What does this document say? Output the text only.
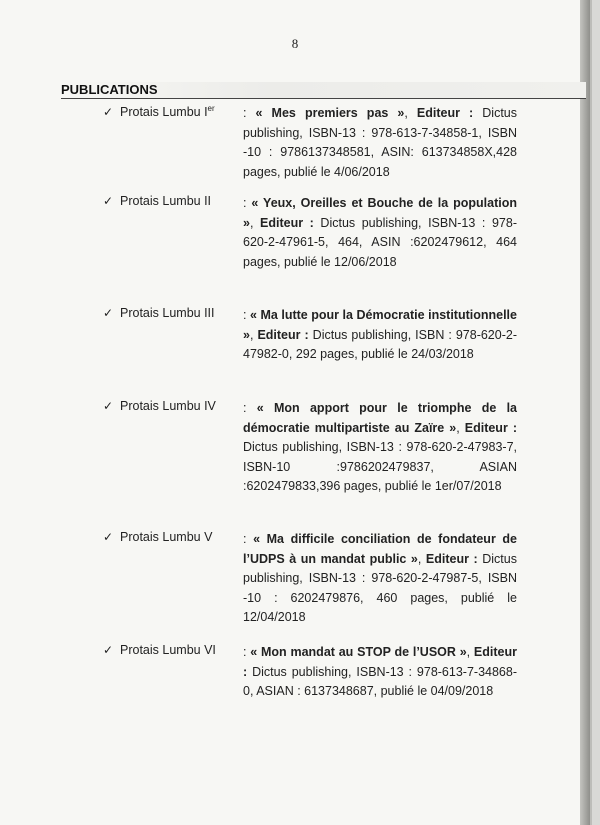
8
PUBLICATIONS
✓ Protais Lumbu Ier	: « Mes premiers pas », Editeur : Dictus publishing, ISBN-13 : 978-613-7-34858-1, ISBN -10 : 9786137348581, ASIN: 613734858X,428 pages, publié le 4/06/2018
✓ Protais Lumbu II	: « Yeux, Oreilles et Bouche de la population », Editeur : Dictus publishing, ISBN-13 : 978-620-2-47961-5, 464, ASIN :6202479612, 464 pages, publié le 12/06/2018
✓ Protais Lumbu III	: « Ma lutte pour la Démocratie institutionnelle », Editeur : Dictus publishing, ISBN : 978-620-2-47982-0, 292 pages, publié le 24/03/2018
✓ Protais Lumbu IV	: « Mon apport pour le triomphe de la démocratie multipartiste au Zaïre », Editeur : Dictus publishing, ISBN-13 : 978-620-2-47983-7, ISBN-10 :9786202479837, ASIAN :6202479833,396 pages, publié le 1er/07/2018
✓ Protais Lumbu V	: « Ma difficile conciliation de fondateur de l’UDPS à un mandat public », Editeur : Dictus publishing, ISBN-13 : 978-620-2-47987-5, ISBN -10 : 6202479876, 460 pages, publié le 12/04/2018
✓ Protais Lumbu VI	: « Mon mandat au STOP de l’USOR », Editeur : Dictus publishing, ISBN-13 : 978-613-7-34868-0, ASIAN : 6137348687, publié le 04/09/2018
